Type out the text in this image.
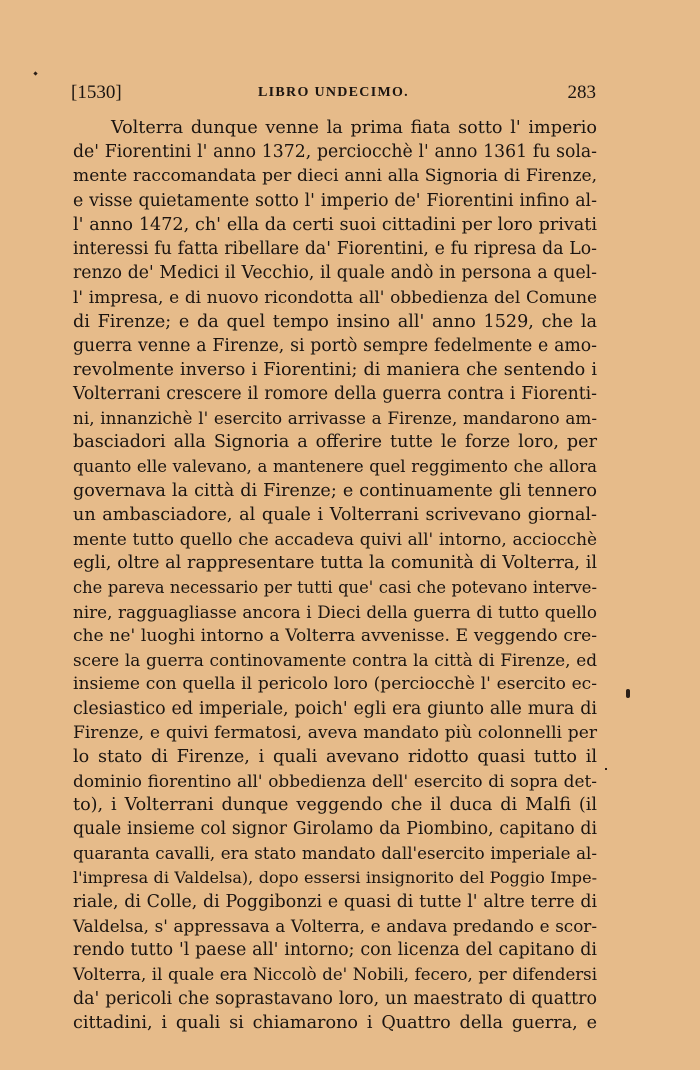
[1530]	LIBRO UNDECIMO.	283
Volterra dunque venne la prima fiata sotto l' imperio
de' Fiorentini l' anno 1372, perciocchè l' anno 1361 fu sola-
mente raccomandata per dieci anni alla Signoria di Firenze,
e visse quietamente sotto l' imperio de' Fiorentini infino al-
l' anno 1472, ch' ella da certi suoi cittadini per loro privati
interessi fu fatta ribellare da' Fiorentini, e fu ripresa da Lo-
renzo de' Medici il Vecchio, il quale andò in persona a quel-
l' impresa, e di nuovo ricondotta all' obbedienza del Comune
di Firenze; e da quel tempo insino all' anno 1529, che la
guerra venne a Firenze, si portò sempre fedelmente e amo-
revolmente inverso i Fiorentini; di maniera che sentendo i
Volterrani crescere il romore della guerra contra i Fiorenti-
ni, innanzichè l' esercito arrivasse a Firenze, mandarono am-
basciadori alla Signoria a offerire tutte le forze loro, per
quanto elle valevano, a mantenere quel reggimento che allora
governava la città di Firenze; e continuamente gli tennero
un ambasciadore, al quale i Volterrani scrivevano giornal-
mente tutto quello che accadeva quivi all' intorno, acciocchè
egli, oltre al rappresentare tutta la comunità di Volterra, il
che pareva necessario per tutti que' casi che potevano interve-
nire, ragguagliasse ancora i Dieci della guerra di tutto quello
che ne' luoghi intorno a Volterra avvenisse. E veggendo cre-
scere la guerra continovamente contra la città di Firenze, ed
insieme con quella il pericolo loro (perciocchè l' esercito ec-
clesiastico ed imperiale, poich' egli era giunto alle mura di
Firenze, e quivi fermatosi, aveva mandato più colonnelli per
lo stato di Firenze, i quali avevano ridotto quasi tutto il
dominio fiorentino all' obbedienza dell' esercito di sopra det-
to), i Volterrani dunque veggendo che il duca di Malfi (il
quale insieme col signor Girolamo da Piombino, capitano di
quaranta cavalli, era stato mandato dall'esercito imperiale al-
l'impresa di Valdelsa), dopo essersi insignorito del Poggio Impe-
riale, di Colle, di Poggibonzi e quasi di tutte l' altre terre di
Valdelsa, s' appressava a Volterra, e andava predando e scor-
rendo tutto 'l paese all' intorno; con licenza del capitano di
Volterra, il quale era Niccolò de' Nobili, fecero, per difendersi
da' pericoli che soprastavano loro, un maestrato di quattro
cittadini, i quali si chiamarono i Quattro della guerra, e
